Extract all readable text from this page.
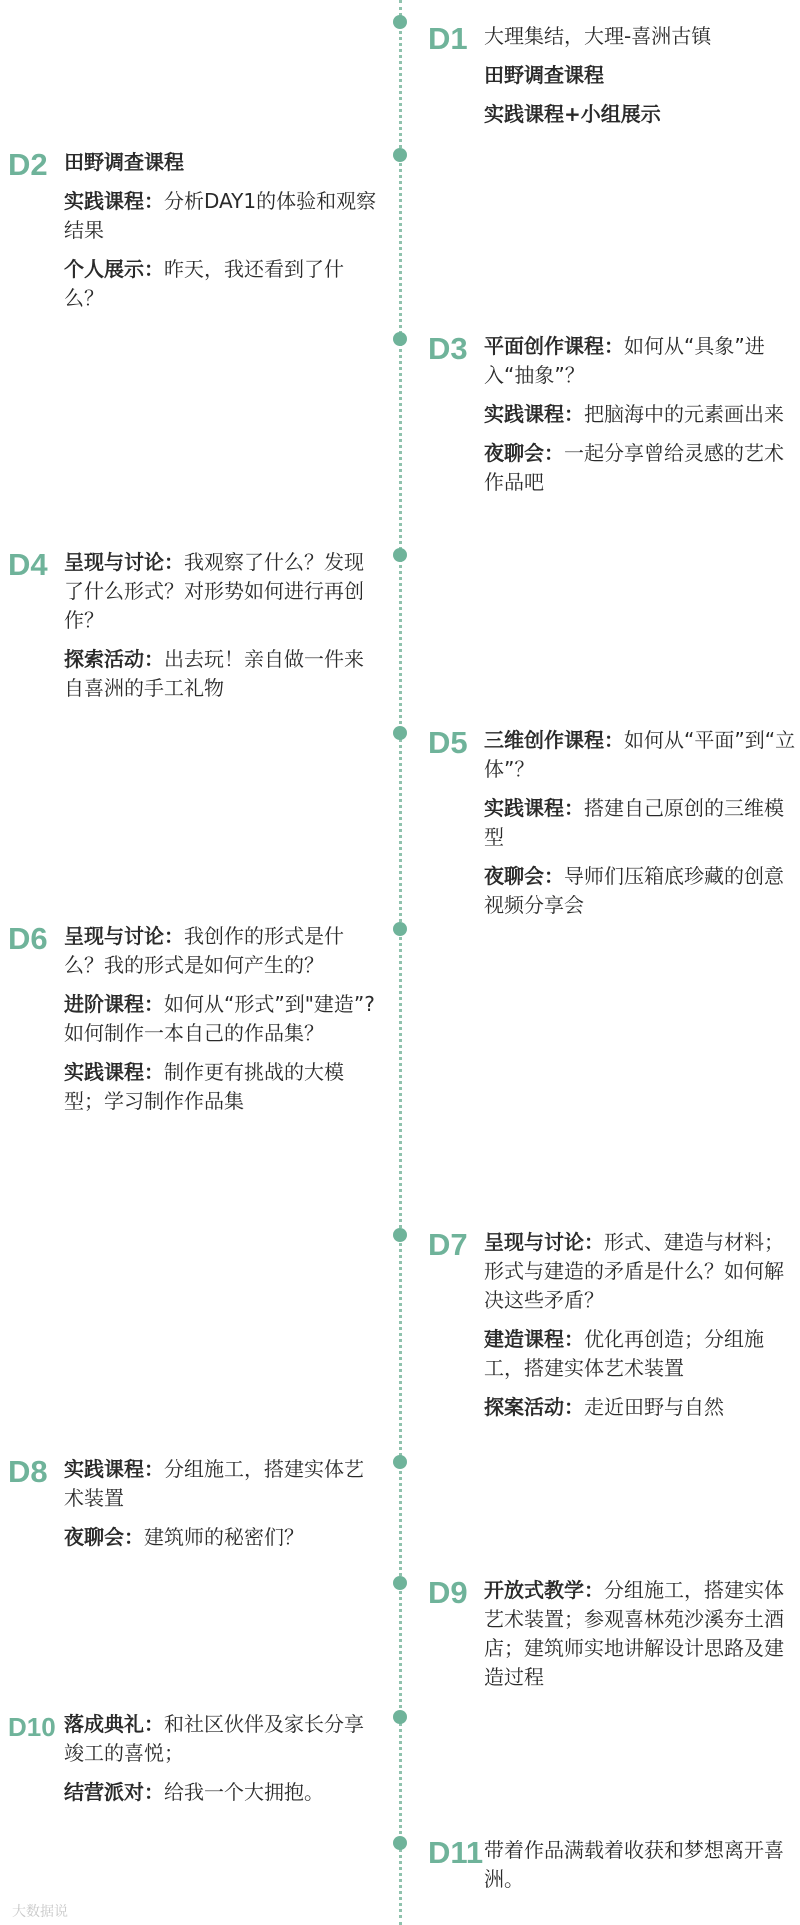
D1 大理集结，大理-喜洲古镇

田野调查课程

实践课程+小组展示

D2 田野调查课程

实践课程：分析DAY1的体验和观察结果

个人展示：昨天，我还看到了什么？

D3 平面创作课程：如何从“具象”进入“抽象”？

实践课程：把脑海中的元素画出来

夜聊会：一起分享曾给灵感的艺术作品吧

D4 呈现与讨论：我观察了什么？发现了什么形式？对形势如何进行再创作？

探索活动：出去玩！亲自做一件来自喜洲的手工礼物

D5 三维创作课程：如何从“平面”到“立体”？

实践课程：搭建自己原创的三维模型

夜聊会：导师们压箱底珍藏的创意视频分享会

D6 呈现与讨论：我创作的形式是什么？我的形式是如何产生的？

进阶课程：如何从“形式”到"建造”?如何制作一本自己的作品集？

实践课程：制作更有挑战的大模型；学习制作作品集

D7 呈现与讨论：形式、建造与材料；形式与建造的矛盾是什么？如何解决这些矛盾？

建造课程：优化再创造；分组施工，搭建实体艺术装置

探案活动：走近田野与自然

D8 实践课程：分组施工，搭建实体艺术装置

夜聊会：建筑师的秘密们？

D9 开放式教学：分组施工，搭建实体艺术装置；参观喜林苑沙溪夯土酒店；建筑师实地讲解设计思路及建造过程

D10 落成典礼：和社区伙伴及家长分享竣工的喜悦；

结营派对：给我一个大拥抱。

D11 带着作品满载着收获和梦想离开喜洲。

大数据说
